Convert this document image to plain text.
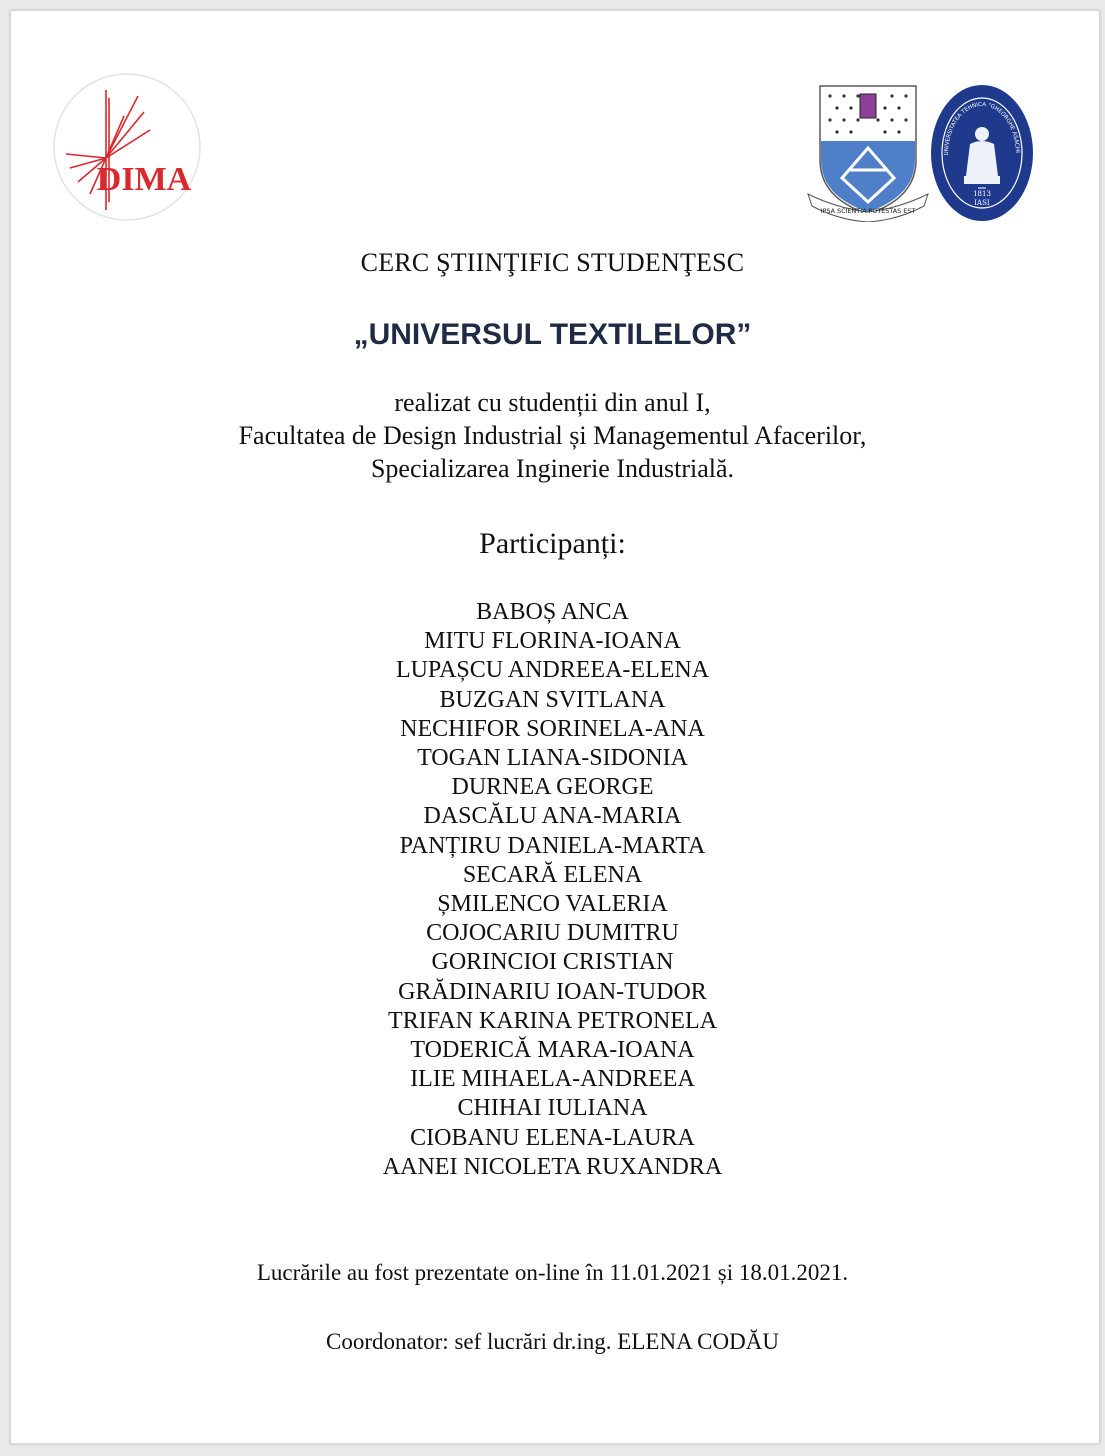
DIMA
IPSA SCIENTIA POTESTAS EST
UNIVERSITATEA TEHNICA "GHEORGHE ASACHI
1813
IASI
CERC ŞTIINŢIFIC STUDENŢESC
„UNIVERSUL TEXTILELOR”
realizat cu studenții din anul I,
Facultatea de Design Industrial și Managementul Afacerilor,
Specializarea Inginerie Industrială.
Participanți:
BABOȘ ANCA
MITU FLORINA-IOANA
LUPAȘCU ANDREEA-ELENA
BUZGAN SVITLANA
NECHIFOR SORINELA-ANA
TOGAN LIANA-SIDONIA
DURNEA GEORGE
DASCĂLU ANA-MARIA
PANȚIRU DANIELA-MARTA
SECARĂ ELENA
ȘMILENCO VALERIA
COJOCARIU DUMITRU
GORINCIOI CRISTIAN
GRĂDINARIU IOAN-TUDOR
TRIFAN KARINA PETRONELA
TODERICĂ MARA-IOANA
ILIE MIHAELA-ANDREEA
CHIHAI IULIANA
CIOBANU ELENA-LAURA
AANEI NICOLETA RUXANDRA
Lucrările au fost prezentate on-line în 11.01.2021 și 18.01.2021.
Coordonator: sef lucrări dr.ing. ELENA CODĂU
